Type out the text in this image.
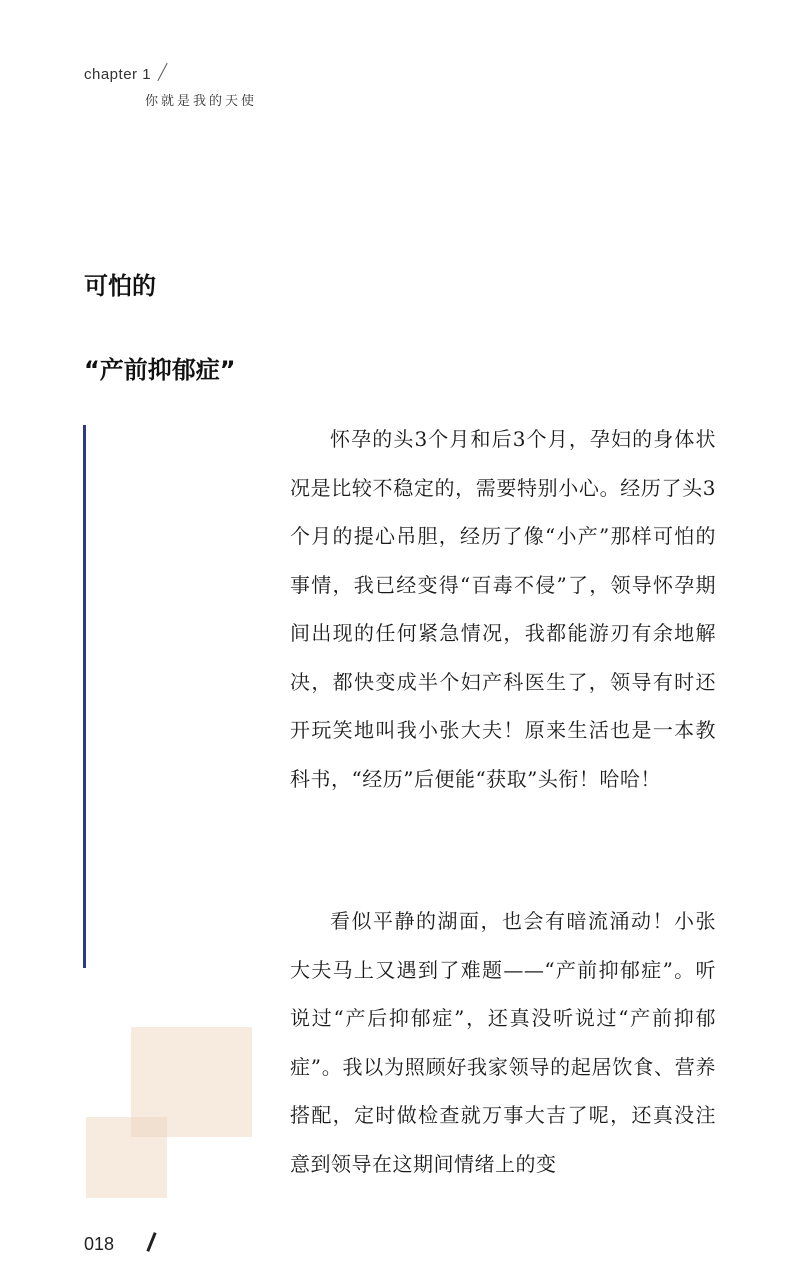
chapter 1
你就是我的天使
可怕的
“产前抑郁症”

怀孕的头3个月和后3个月，孕妇的身体状况是比较不稳定的，需要特别小心。经历了头3个月的提心吊胆，经历了像“小产”那样可怕的事情，我已经变得“百毒不侵”了，领导怀孕期间出现的任何紧急情况，我都能游刃有余地解决，都快变成半个妇产科医生了，领导有时还开玩笑地叫我小张大夫！原来生活也是一本教科书，“经历”后便能“获取”头衔！哈哈！

看似平静的湖面，也会有暗流涌动！小张大夫马上又遇到了难题——“产前抑郁症”。听说过“产后抑郁症”，还真没听说过“产前抑郁症”。我以为照顾好我家领导的起居饮食、营养搭配，定时做检查就万事大吉了呢，还真没注意到领导在这期间情绪上的变

018
